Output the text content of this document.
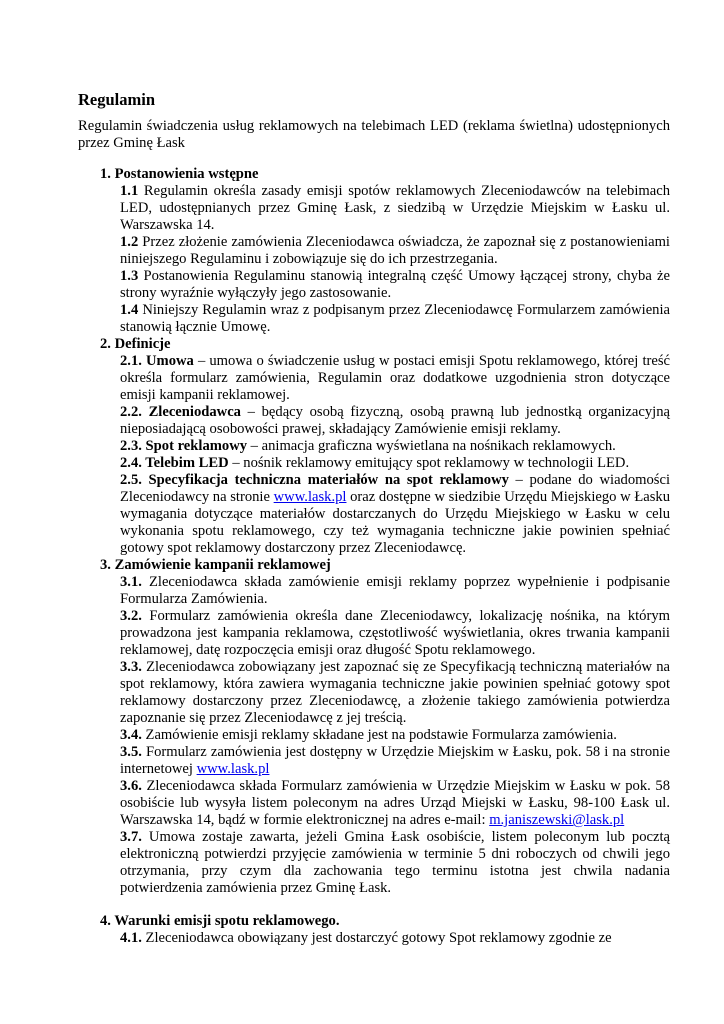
Regulamin

Regulamin świadczenia usług reklamowych na telebimach LED (reklama świetlna) udostępnionych przez Gminę Łask

1. Postanowienia wstępne

1.1 Regulamin określa zasady emisji spotów reklamowych Zleceniodawców na telebimach LED, udostępnianych przez Gminę Łask, z siedzibą w Urzędzie Miejskim w Łasku ul. Warszawska 14.

1.2 Przez złożenie zamówienia Zleceniodawca oświadcza, że zapoznał się z postanowieniami niniejszego Regulaminu i zobowiązuje się do ich przestrzegania.

1.3 Postanowienia Regulaminu stanowią integralną część Umowy łączącej strony, chyba że strony wyraźnie wyłączyły jego zastosowanie.

1.4 Niniejszy Regulamin wraz z podpisanym przez Zleceniodawcę Formularzem zamówienia stanowią łącznie Umowę.

2. Definicje

2.1. Umowa – umowa o świadczenie usług w postaci emisji Spotu reklamowego, której treść określa formularz zamówienia, Regulamin oraz dodatkowe uzgodnienia stron dotyczące emisji kampanii reklamowej.

2.2. Zleceniodawca – będący osobą fizyczną, osobą prawną lub jednostką organizacyjną nieposiadającą osobowości prawej, składający Zamówienie emisji reklamy.

2.3. Spot reklamowy – animacja graficzna wyświetlana na nośnikach reklamowych.

2.4. Telebim LED – nośnik reklamowy emitujący spot reklamowy w technologii LED.

2.5. Specyfikacja techniczna materiałów na spot reklamowy – podane do wiadomości Zleceniodawcy na stronie www.lask.pl oraz dostępne w siedzibie Urzędu Miejskiego w Łasku wymagania dotyczące materiałów dostarczanych do Urzędu Miejskiego w Łasku w celu wykonania spotu reklamowego, czy też wymagania techniczne jakie powinien spełniać gotowy spot reklamowy dostarczony przez Zleceniodawcę.

3. Zamówienie kampanii reklamowej

3.1. Zleceniodawca składa zamówienie emisji reklamy poprzez wypełnienie i podpisanie Formularza Zamówienia.

3.2. Formularz zamówienia określa dane Zleceniodawcy, lokalizację nośnika, na którym prowadzona jest kampania reklamowa, częstotliwość wyświetlania, okres trwania kampanii reklamowej, datę rozpoczęcia emisji oraz długość Spotu reklamowego.

3.3. Zleceniodawca zobowiązany jest zapoznać się ze Specyfikacją techniczną materiałów na spot reklamowy, która zawiera wymagania techniczne jakie powinien spełniać gotowy spot reklamowy dostarczony przez Zleceniodawcę, a złożenie takiego zamówienia potwierdza zapoznanie się przez Zleceniodawcę z jej treścią.

3.4. Zamówienie emisji reklamy składane jest na podstawie Formularza zamówienia.

3.5. Formularz zamówienia jest dostępny w Urzędzie Miejskim w Łasku, pok. 58 i na stronie internetowej www.lask.pl

3.6. Zleceniodawca składa Formularz zamówienia w Urzędzie Miejskim w Łasku w pok. 58 osobiście lub wysyła listem poleconym na adres Urząd Miejski w Łasku, 98-100 Łask ul. Warszawska 14, bądź w formie elektronicznej na adres e-mail: m.janiszewski@lask.pl

3.7. Umowa zostaje zawarta, jeżeli Gmina Łask osobiście, listem poleconym lub pocztą elektroniczną potwierdzi przyjęcie zamówienia w terminie 5 dni roboczych od chwili jego otrzymania, przy czym dla zachowania tego terminu istotna jest chwila nadania potwierdzenia zamówienia przez Gminę Łask.

4. Warunki emisji spotu reklamowego.

4.1. Zleceniodawca obowiązany jest dostarczyć gotowy Spot reklamowy zgodnie ze
